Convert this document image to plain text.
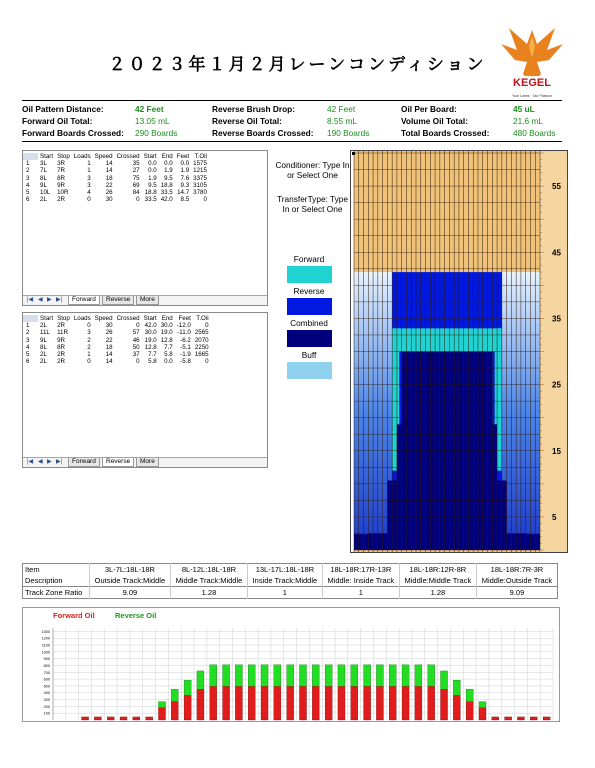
２０２３年１月２月レーンコンディション
KEGEL
Your Lanes · Our Passion
Oil Pattern Distance:	42 Feet	Reverse Brush Drop:	42 Feet	Oil Per Board:	45 uL
Forward Oil Total:	13.05 mL	Reverse Oil Total:	8.55 mL	Volume Oil Total:	21.6 mL
Forward Boards Crossed: 290 Boards	Reverse Boards Crossed: 190 Boards	Total Boards Crossed:	480 Boards
	Start	Stop	Loads	Speed	Crossed	Start	End	Feet	T.Oil
1	3L	3R	1	14	35	0.0	0.0	0.0	1575
2	7L	7R	1	14	27	0.0	1.9	1.9	1215
3	8L	8R	3	18	75	1.9	9.5	7.6	3375
4	9L	9R	3	22	69	9.5	18.8	9.3	3105
5	10L	10R	4	26	84	18.8	33.5	14.7	3780
6	2L	2R	0	30	0	33.5	42.0	8.5	0
|◀ ◀ ▶ ▶|	Forward	Reverse	More
	Start	Stop	Loads	Speed	Crossed	Start	End	Feet	T.Oil
1	2L	2R	0	30	0	42.0	30.0	-12.0	0
2	11L	11R	3	26	57	30.0	19.0	-11.0	2565
3	9L	9R	2	22	46	19.0	12.8	-6.2	2070
4	8L	8R	2	18	50	12.8	7.7	-5.1	2250
5	2L	2R	1	14	37	7.7	5.8	-1.9	1665
6	2L	2R	0	14	0	5.8	0.0	-5.8	0
|◀ ◀ ▶ ▶|	Forward	Reverse	More
Conditioner: Type In or Select One
TransferType: Type In or Select One
Forward
Reverse
Combined
Buff
55
45
35
25
15
5
Item	3L-7L:18L-18R	8L-12L:18L-18R	13L-17L:18L-18R	18L-18R:17R-13R	18L-18R:12R-8R	18L-18R:7R-3R
Description	Outside Track:Middle	Middle Track:Middle	Inside Track:Middle	Middle: Inside Track	Middle:Middle Track	Middle:Outside Track
Track Zone Ratio	9.09	1.28	1	1	1.28	9.09
Forward Oil	Reverse Oil
100
200
300
400
500
600
700
800
900
1000
1100
1200
1300
